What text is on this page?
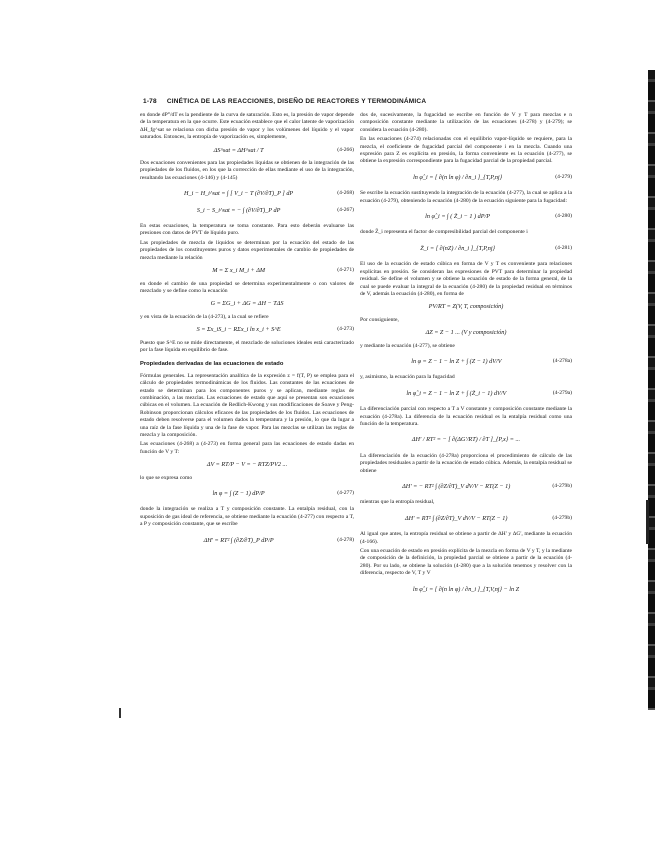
1-78 CINÉTICA DE LAS REACCIONES, DISEÑO DE REACTORES Y TERMODINÁMICA

en donde dP°/dT es la pendiente de la curva de saturación. Esto es, la presión de vapor depende de la temperatura en la que ocurre. Este ecuación establece que el calor latente de vaporización ΔH_fg^sat se relaciona con dicha presión de vapor y los volúmenes del líquido y el vapor saturados. Entonces, la entropía de vaporización es, simplemente,

ΔS^sat = ΔH^sat / T	(4-266)

Dos ecuaciones convenientes para las propiedades líquidas se obtienen de la integración de las propiedades de los fluidos, en los que la corrección de ellas mediante el uso de la integración, resultando las ecuaciones (4-146) y (4-145)

H_i − H_i^sat = ∫ [ V_i − T (∂V/∂T)_P ] dP	(4-268)
S_i − S_i^sat = − ∫ (∂V/∂T)_P dP	(4-267)

En estas ecuaciones, la temperatura se toma constante. Para esto deberán evaluarse las presiones con datos de PVT de líquido puro.

Las propiedades de mezcla de líquidos se determinan por la ecuación del estado de las propiedades de los constituyentes puros y datos experimentales de cambio de propiedades de mezcla mediante la relación

M = Σ x_i M_i + ΔM	(4-271)

en donde el cambio de una propiedad se determina experimentalmente o con valores de mezclado y se define como la ecuación

G = ΣG_i + ΔG = ΔH − TΔS

y en vista de la ecuación de la (4-273), a la cual se refiere

S = Σx_iS_i − RΣx_i ln x_i + S^E	(4-273)

Puesto que S^E no se mide directamente, el mezclado de soluciones ideales está caracterizado por la fase líquida en equilibrio de fase.

Propiedades derivadas de las ecuaciones de estado

Fórmulas generales. La representación analítica de la expresión z = f(T, P) se emplea para el cálculo de propiedades termodinámicas de los fluidos. Las constantes de las ecuaciones de estado se determinan para los componentes puros y se aplican, mediante reglas de combinación, a las mezclas. Las ecuaciones de estado que aquí se presentan son ecuaciones cúbicas en el volumen. La ecuación de Redlich-Kwong y sus modificaciones de Soave y Peng-Robinson proporcionan cálculos eficaces de las propiedades de los fluidos. Las ecuaciones de estado deben resolverse para el volumen dados la temperatura y la presión, lo que da lugar a una raíz de la fase líquida y una de la fase de vapor. Para las mezclas se utilizan las reglas de mezcla y la composición.

Las ecuaciones (4-268) a (4-273) en forma general para las ecuaciones de estado dadas en función de V y T:

ΔV = RT/P − V = − RTZ/PV2 ...

lo que se expresa como

ln φ = ∫ (Z − 1) dP/P	(4-277)

donde la integración se realiza a T y composición constante. La entalpía residual, con la suposición de gas ideal de referencia, se obtiene mediante la ecuación (4-277) con respecto a T, a P y composición constante, que se escribe

ΔH' = RT² ∫ (∂Z/∂T)_P dP/P	(4-278)

dos de, sucesivamente, la fugacidad se escribe en función de V y T para mezclas e n composición constante mediante la utilización de las ecuaciones (4-278) y (4-279); se considera la ecuación (4-280).

En las ecuaciones (4-274) relacionadas con el equilibrio vapor-líquido se requiere, para la mezcla, el coeficiente de fugacidad parcial del componente i en la mezcla. Cuando una expresión para Z es explícita en presión, la forma conveniente es la ecuación (4-277), se obtiene la expresión correspondiente para la fugacidad parcial de la propiedad parcial.

ln φ̂_i = [ ∂(n ln φ) / ∂n_i ]_{T,P,nj}	(4-279)

Se escribe la ecuación sustituyendo la integración de la ecuación (4-277), la cual se aplica a la ecuación (4-279), obteniendo la ecuación (4-280) de la ecuación siguiente para la fugacidad:

ln φ̂_i = ∫ ( Z̄_i − 1 ) dP/P	(4-280)

donde Z̄_i representa el factor de compresibilidad parcial del componente i

Z̄_i = [ ∂(nZ) / ∂n_i ]_{T,P,nj}	(4-281)

El uso de la ecuación de estado cúbica en forma de V y T es conveniente para relaciones explícitas en presión. Se consideran las expresiones de PVT para determinar la propiedad residual. Se define el volumen y se obtiene la ecuación de estado de la forma general, de la cual se puede evaluar la integral de la ecuación (4-280) de la propiedad residual en términos de V, además la ecuación (4-280), en forma de

PV/RT = Z(V, T, composición)

Por consiguiente,

ΔZ = Z − 1 ... (V y composición)

y mediante la ecuación (4-277), se obtiene

ln φ = Z − 1 − ln Z + ∫ (Z − 1) dV/V	(4-278a)

y, asimismo, la ecuación para la fugacidad

ln φ̂_i = Z − 1 − ln Z + ∫ (Z̄_i − 1) dV/V	(4-279a)

La diferenciación parcial con respecto a T a V constante y composición constante mediante la ecuación (4-278a). La diferencia de la ecuación residual es la entalpía residual como una función de la temperatura.

ΔH' / RT² = − [ ∂(ΔG'/RT) / ∂T ]_{P,x} = ...

La diferenciación de la ecuación (4-278a) proporciona el procedimiento de cálculo de las propiedades residuales a partir de la ecuación de estado cúbica. Además, la entalpía residual se obtiene

ΔH' = − RT² ∫ (∂Z/∂T)_V dV/V − RT(Z − 1)	(4-279b)

mientras que la entropía residual,

ΔH' = RT² ∫ (∂Z/∂T)_V dV/V − RT(Z − 1)	(4-279b)

Al igual que antes, la entropía residual se obtiene a partir de ΔH' y ΔG', mediante la ecuación (4-166).

Con una ecuación de estado en presión explícita de la mezcla en forma de V y T, y la mediante de composición de la definición, la propiedad parcial se obtiene a partir de la ecuación (4-280). Por su lado, se obtiene la solución (4-280) que a la solución tenemos y resolver con la diferencia, respecto de V, T y V

ln φ̂_i = [ ∂(n ln φ) / ∂n_i ]_{T,V,nj} − ln Z
